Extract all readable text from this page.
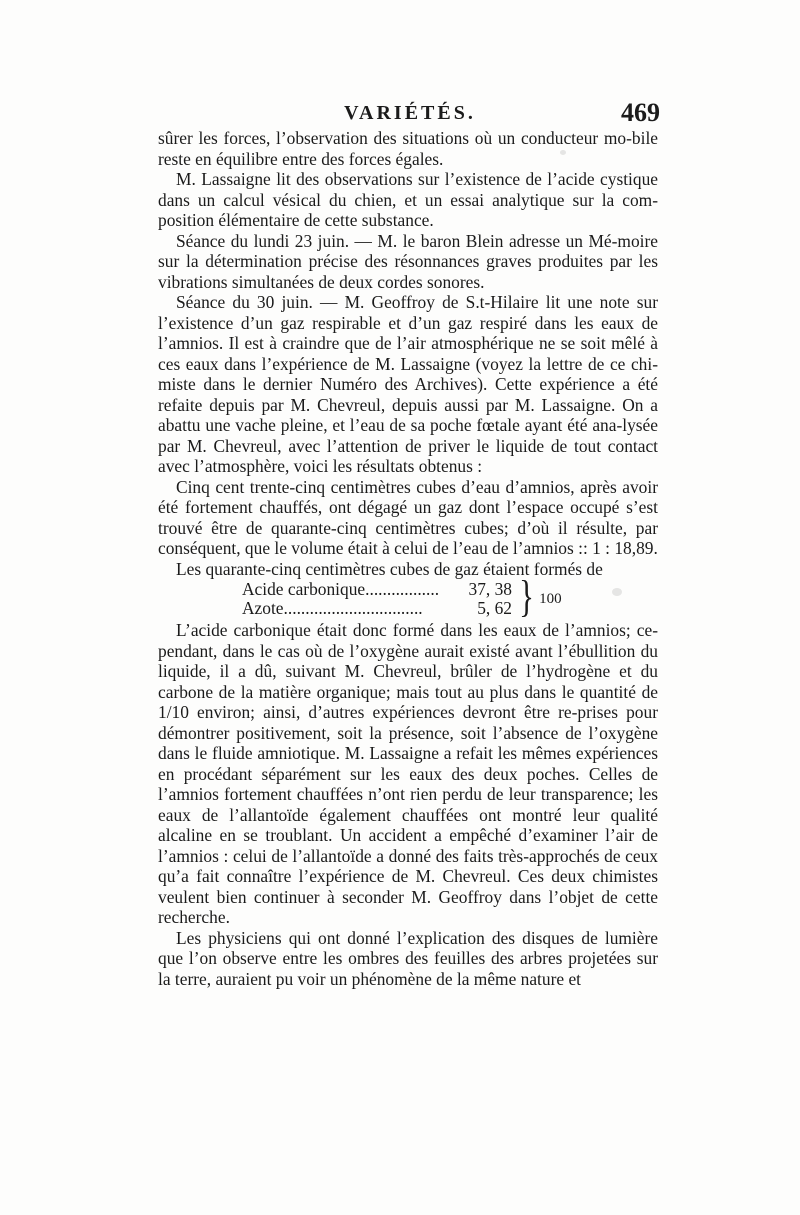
VARIÉTÉS.	469

sûrer les forces, l’observation des situations où un conducteur mo-bile reste en équilibre entre des forces égales.

M. Lassaigne lit des observations sur l’existence de l’acide cystique dans un calcul vésical du chien, et un essai analytique sur la com-position élémentaire de cette substance.

Séance du lundi 23 juin. — M. le baron Blein adresse un Mé-moire sur la détermination précise des résonnances graves produites par les vibrations simultanées de deux cordes sonores.

Séance du 30 juin. — M. Geoffroy de S.t-Hilaire lit une note sur l’existence d’un gaz respirable et d’un gaz respiré dans les eaux de l’amnios. Il est à craindre que de l’air atmosphérique ne se soit mêlé à ces eaux dans l’expérience de M. Lassaigne (voyez la lettre de ce chi-miste dans le dernier Numéro des Archives). Cette expérience a été refaite depuis par M. Chevreul, depuis aussi par M. Lassaigne. On a abattu une vache pleine, et l’eau de sa poche fœtale ayant été ana-lysée par M. Chevreul, avec l’attention de priver le liquide de tout contact avec l’atmosphère, voici les résultats obtenus :

Cinq cent trente-cinq centimètres cubes d’eau d’amnios, après avoir été fortement chauffés, ont dégagé un gaz dont l’espace occupé s’est trouvé être de quarante-cinq centimètres cubes; d’où il résulte, par conséquent, que le volume était à celui de l’eau de l’amnios :: 1 : 18,89.

Les quarante-cinq centimètres cubes de gaz étaient formés de

Acide carbonique................. 37, 38
Azote................................	5, 62 } 100

L’acide carbonique était donc formé dans les eaux de l’amnios; ce-pendant, dans le cas où de l’oxygène aurait existé avant l’ébullition du liquide, il a dû, suivant M. Chevreul, brûler de l’hydrogène et du carbone de la matière organique; mais tout au plus dans le quantité de 1/10 environ; ainsi, d’autres expériences devront être re-prises pour démontrer positivement, soit la présence, soit l’absence de l’oxygène dans le fluide amniotique. M. Lassaigne a refait les mêmes expériences en procédant séparément sur les eaux des deux poches. Celles de l’amnios fortement chauffées n’ont rien perdu de leur transparence; les eaux de l’allantoïde également chauffées ont montré leur qualité alcaline en se troublant. Un accident a empêché d’examiner l’air de l’amnios : celui de l’allantoïde a donné des faits très-approchés de ceux qu’a fait connaître l’expérience de M. Chevreul. Ces deux chimistes veulent bien continuer à seconder M. Geoffroy dans l’objet de cette recherche.

Les physiciens qui ont donné l’explication des disques de lumière que l’on observe entre les ombres des feuilles des arbres projetées sur la terre, auraient pu voir un phénomène de la même nature et
